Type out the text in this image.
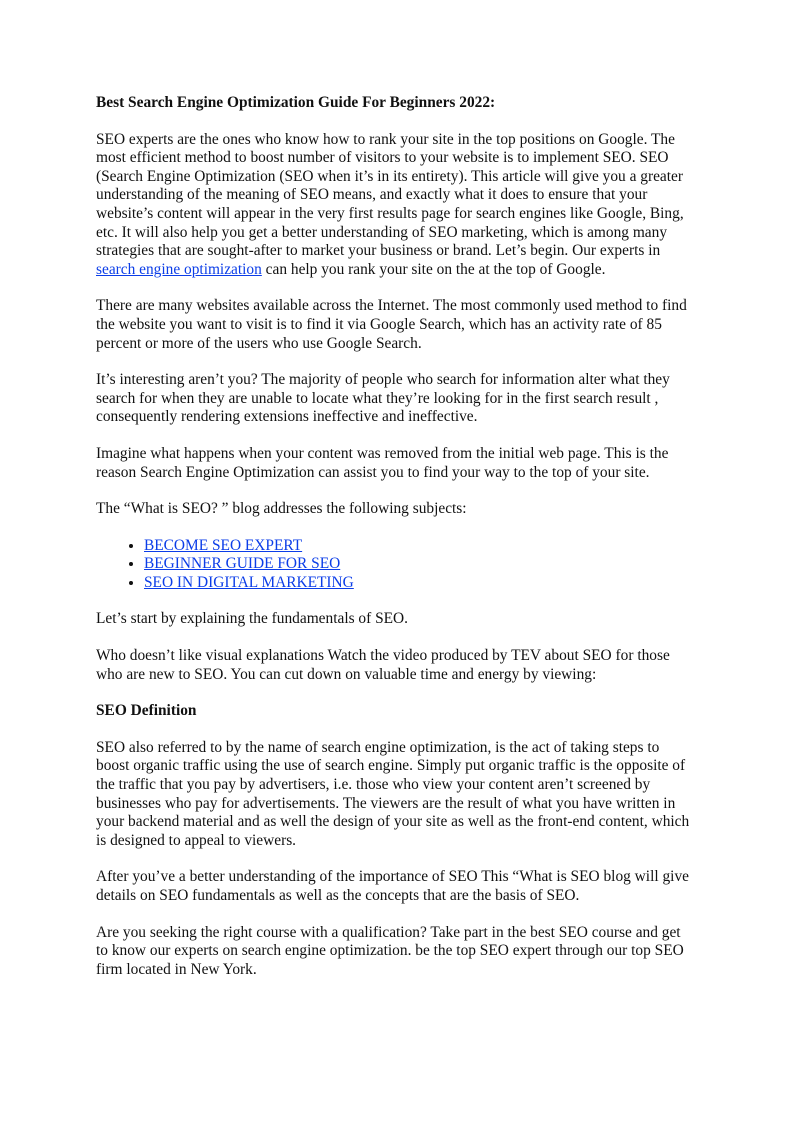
Best Search Engine Optimization Guide For Beginners 2022:

SEO experts are the ones who know how to rank your site in the top positions on Google. The most efficient method to boost number of visitors to your website is to implement SEO. SEO (Search Engine Optimization (SEO when it’s in its entirety). This article will give you a greater understanding of the meaning of SEO means, and exactly what it does to ensure that your website’s content will appear in the very first results page for search engines like Google, Bing, etc. It will also help you get a better understanding of SEO marketing, which is among many strategies that are sought-after to market your business or brand. Let’s begin. Our experts in search engine optimization can help you rank your site on the at the top of Google.

There are many websites available across the Internet. The most commonly used method to find the website you want to visit is to find it via Google Search, which has an activity rate of 85 percent or more of the users who use Google Search.

It’s interesting aren’t you? The majority of people who search for information alter what they search for when they are unable to locate what they’re looking for in the first search result , consequently rendering extensions ineffective and ineffective.

Imagine what happens when your content was removed from the initial web page. This is the reason Search Engine Optimization can assist you to find your way to the top of your site.

The “What is SEO? ” blog addresses the following subjects:

• BECOME SEO EXPERT
• BEGINNER GUIDE FOR SEO
• SEO IN DIGITAL MARKETING

Let’s start by explaining the fundamentals of SEO.

Who doesn’t like visual explanations Watch the video produced by TEV about SEO for those who are new to SEO. You can cut down on valuable time and energy by viewing:

SEO Definition

SEO also referred to by the name of search engine optimization, is the act of taking steps to boost organic traffic using the use of search engine. Simply put organic traffic is the opposite of the traffic that you pay by advertisers, i.e. those who view your content aren’t screened by businesses who pay for advertisements. The viewers are the result of what you have written in your backend material and as well the design of your site as well as the front-end content, which is designed to appeal to viewers.

After you’ve a better understanding of the importance of SEO This “What is SEO blog will give details on SEO fundamentals as well as the concepts that are the basis of SEO.

Are you seeking the right course with a qualification? Take part in the best SEO course and get to know our experts on search engine optimization. be the top SEO expert through our top SEO firm located in New York.
